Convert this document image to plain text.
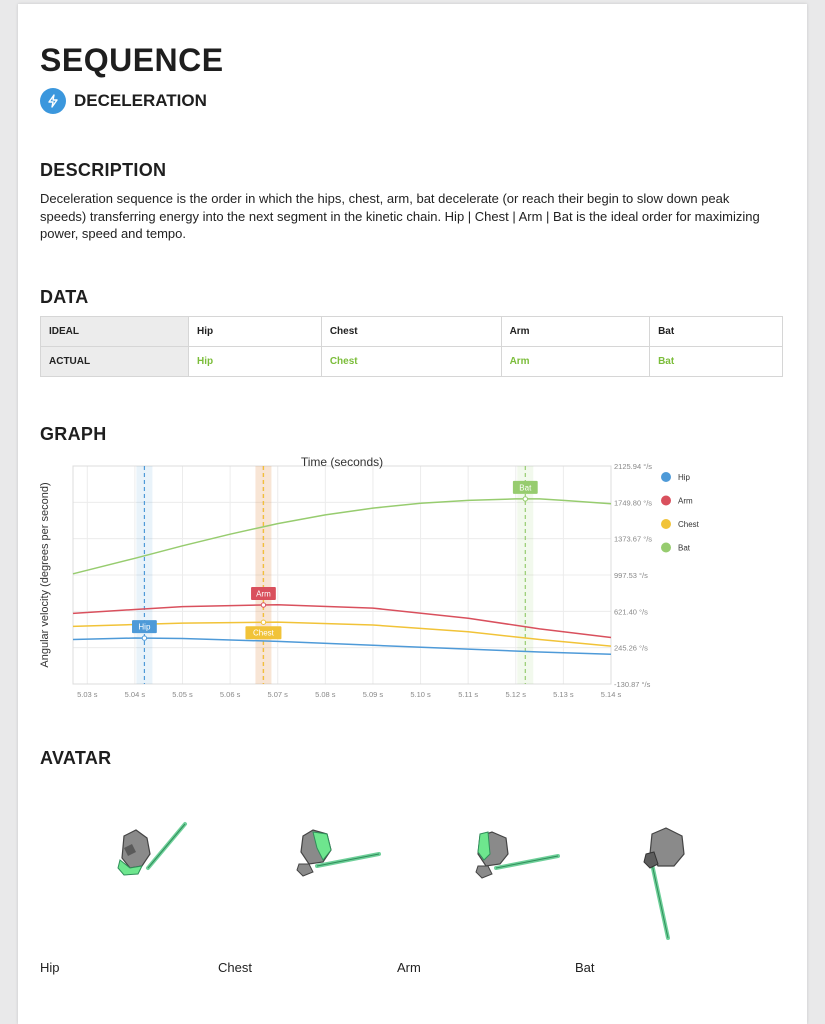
SEQUENCE
DECELERATION
DESCRIPTION
Deceleration sequence is the order in which the hips, chest, arm, bat decelerate (or reach their begin to slow down peak speeds) transferring energy into the next segment in the kinetic chain. Hip | Chest | Arm | Bat is the ideal order for maximizing power, speed and tempo.
DATA
IDEAL	Hip	Chest	Arm	Bat
ACTUAL	Hip	Chest	Arm	Bat
GRAPH
2125.94 °/s
1749.80 °/s
1373.67 °/s
997.53 °/s
621.40 °/s
245.26 °/s
-130.87 °/s
5.03 s	5.04 s	5.05 s	5.06 s	5.07 s	5.08 s	5.09 s	5.10 s	5.11 s	5.12 s	5.13 s	5.14 s
Time (seconds)
Angular velocity (degrees per second)	Hip
Arm
Chest
Bat
Hip
Arm
Chest
Bat
AVATAR
Hip	Chest	Arm	Bat
